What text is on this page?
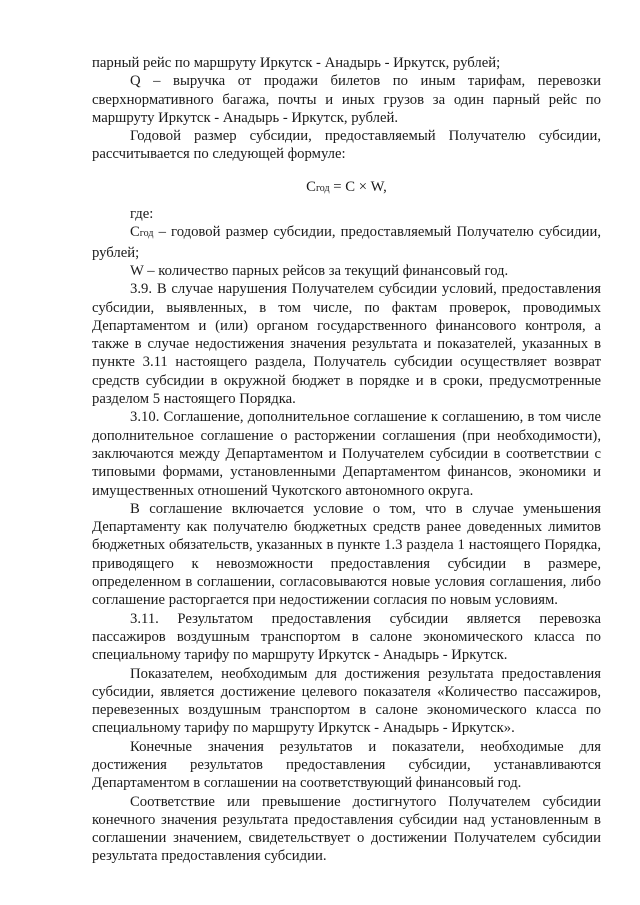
парный рейс по маршруту Иркутск - Анадырь - Иркутск, рублей;

Q – выручка от продажи билетов по иным тарифам, перевозки сверхнормативного багажа, почты и иных грузов за один парный рейс по маршруту Иркутск - Анадырь - Иркутск, рублей.

Годовой размер субсидии, предоставляемый Получателю субсидии, рассчитывается по следующей формуле:

Сгод = С × W,

где:

Сгод – годовой размер субсидии, предоставляемый Получателю субсидии, рублей;

W – количество парных рейсов за текущий финансовый год.

3.9. В случае нарушения Получателем субсидии условий, предоставления субсидии, выявленных, в том числе, по фактам проверок, проводимых Департаментом и (или) органом государственного финансового контроля, а также в случае недостижения значения результата и показателей, указанных в пункте 3.11 настоящего раздела, Получатель субсидии осуществляет возврат средств субсидии в окружной бюджет в порядке и в сроки, предусмотренные разделом 5 настоящего Порядка.

3.10. Соглашение, дополнительное соглашение к соглашению, в том числе дополнительное соглашение о расторжении соглашения (при необходимости), заключаются между Департаментом и Получателем субсидии в соответствии с типовыми формами, установленными Департаментом финансов, экономики и имущественных отношений Чукотского автономного округа.

В соглашение включается условие о том, что в случае уменьшения Департаменту как получателю бюджетных средств ранее доведенных лимитов бюджетных обязательств, указанных в пункте 1.3 раздела 1 настоящего Порядка, приводящего к невозможности предоставления субсидии в размере, определенном в соглашении, согласовываются новые условия соглашения, либо соглашение расторгается при недостижении согласия по новым условиям.

3.11. Результатом предоставления субсидии является перевозка пассажиров воздушным транспортом в салоне экономического класса по специальному тарифу по маршруту Иркутск - Анадырь - Иркутск.

Показателем, необходимым для достижения результата предоставления субсидии, является достижение целевого показателя «Количество пассажиров, перевезенных воздушным транспортом в салоне экономического класса по специальному тарифу по маршруту Иркутск - Анадырь - Иркутск».

Конечные значения результатов и показатели, необходимые для достижения результатов предоставления субсидии, устанавливаются Департаментом в соглашении на соответствующий финансовый год.

Соответствие или превышение достигнутого Получателем субсидии конечного значения результата предоставления субсидии над установленным в соглашении значением, свидетельствует о достижении Получателем субсидии результата предоставления субсидии.
